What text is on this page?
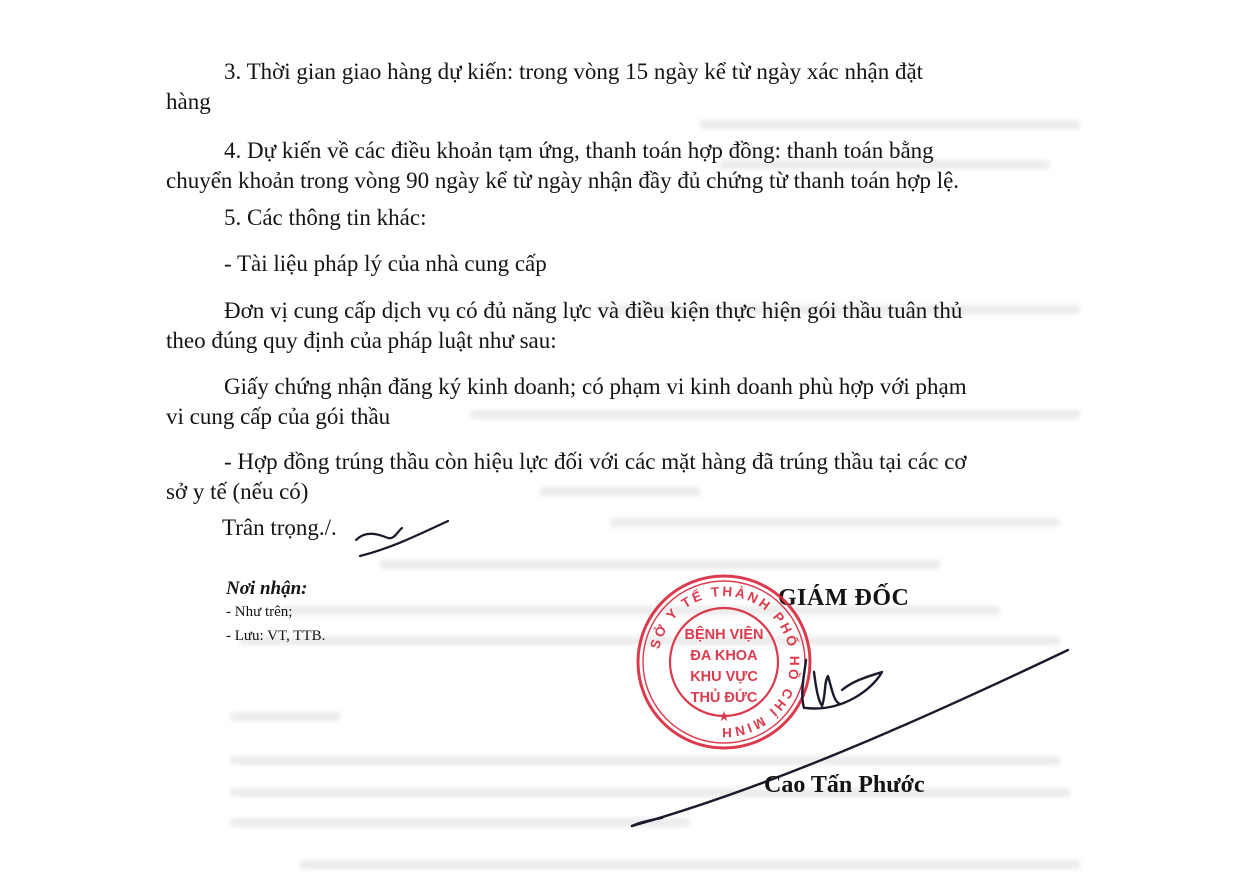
3. Thời gian giao hàng dự kiến: trong vòng 15 ngày kể từ ngày xác nhận đặt
hàng

4. Dự kiến về các điều khoản tạm ứng, thanh toán hợp đồng: thanh toán bằng
chuyển khoản trong vòng 90 ngày kể từ ngày nhận đầy đủ chứng từ thanh toán hợp lệ.

5. Các thông tin khác:

- Tài liệu pháp lý của nhà cung cấp

Đơn vị cung cấp dịch vụ có đủ năng lực và điều kiện thực hiện gói thầu tuân thủ
theo đúng quy định của pháp luật như sau:

Giấy chứng nhận đăng ký kinh doanh; có phạm vi kinh doanh phù hợp với phạm
vi cung cấp của gói thầu

- Hợp đồng trúng thầu còn hiệu lực đối với các mặt hàng đã trúng thầu tại các cơ
sở y tế (nếu có)

Trân trọng./.

Nơi nhận:

- Như trên;

- Lưu: VT, TTB.

GIÁM ĐỐC

SỞ Y TẾ THÀNH PHỐ HỒ CHÍ MINH
★
BỆNH VIỆN
ĐA KHOA
KHU VỰC
THỦ ĐỨC

Cao Tấn Phước
